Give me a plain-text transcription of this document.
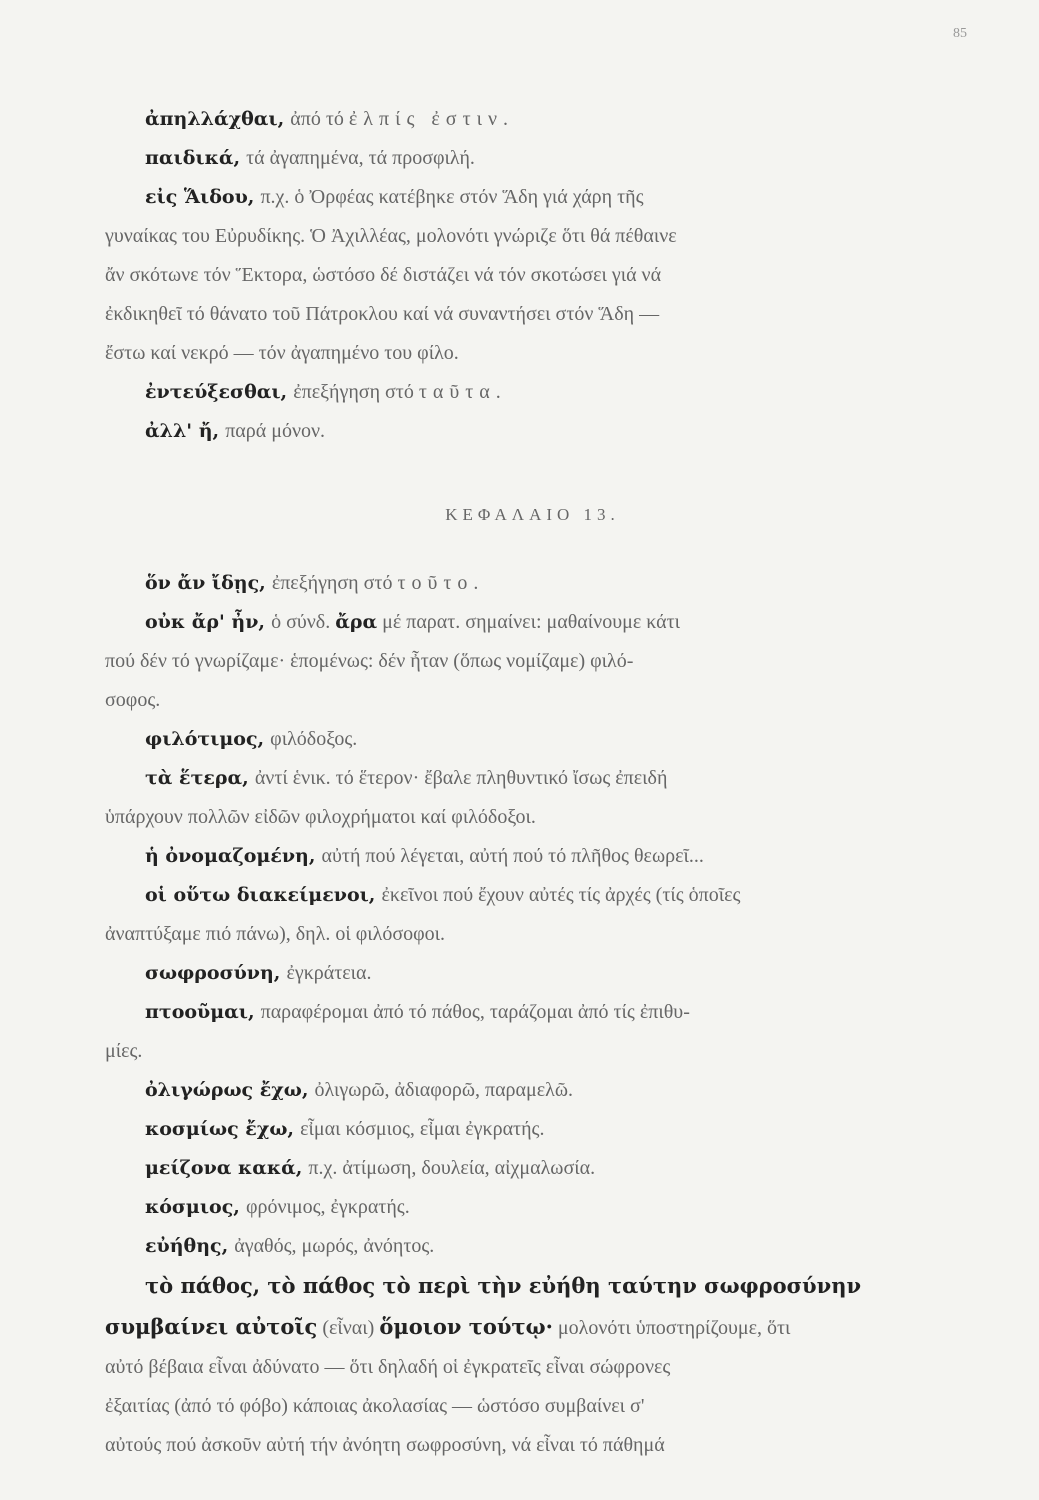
85

ἀπηλλάχθαι, ἀπό τό ἐλπίς ἐστιν.

παιδικά, τά ἀγαπημένα, τά προσφιλή.

εἰς Ἅιδου, π.χ. ὁ Ὀρφέας κατέβηκε στόν Ἅδη γιά χάρη τῆς

γυναίκας του Εὐρυδίκης. Ὁ Ἀχιλλέας, μολονότι γνώριζε ὅτι θά πέθαινε

ἄν σκότωνε τόν Ἕκτορα, ὡστόσο δέ διστάζει νά τόν σκοτώσει γιά νά

ἐκδικηθεῖ τό θάνατο τοῦ Πάτροκλου καί νά συναντήσει στόν Ἅδη —

ἔστω καί νεκρό — τόν ἀγαπημένο του φίλο.

ἐντεύξεσθαι, ἐπεξήγηση στό ταῦτα.

ἀλλ' ἤ, παρά μόνον.

ΚΕΦΑΛΑΙΟ 13.

ὅν ἄν ἴδῃς, ἐπεξήγηση στό τοῦτο.

οὐκ ἄρ' ἦν, ὁ σύνδ. ἄρα μέ παρατ. σημαίνει: μαθαίνουμε κάτι

πού δέν τό γνωρίζαμε· ἑπομένως: δέν ἦταν (ὅπως νομίζαμε) φιλό-

σοφος.

φιλότιμος, φιλόδοξος.

τὰ ἕτερα, ἀντί ἑνικ. τό ἕτερον· ἔβαλε πληθυντικό ἴσως ἐπειδή

ὑπάρχουν πολλῶν εἰδῶν φιλοχρήματοι καί φιλόδοξοι.

ἡ ὀνομαζομένη, αὐτή πού λέγεται, αὐτή πού τό πλῆθος θεωρεῖ...

οἱ οὕτω διακείμενοι, ἐκεῖνοι πού ἔχουν αὐτές τίς ἀρχές (τίς ὁποῖες

ἀναπτύξαμε πιό πάνω), δηλ. οἱ φιλόσοφοι.

σωφροσύνη, ἐγκράτεια.

πτοοῦμαι, παραφέρομαι ἀπό τό πάθος, ταράζομαι ἀπό τίς ἐπιθυ-

μίες.

ὀλιγώρως ἔχω, ὀλιγωρῶ, ἀδιαφορῶ, παραμελῶ.

κοσμίως ἔχω, εἶμαι κόσμιος, εἶμαι ἐγκρατής.

μείζονα κακά, π.χ. ἀτίμωση, δουλεία, αἰχμαλωσία.

κόσμιος, φρόνιμος, ἐγκρατής.

εὐήθης, ἀγαθός, μωρός, ἀνόητος.

τὸ πάθος, τὸ πάθος τὸ περὶ τὴν εὐήθη ταύτην σωφροσύνην

συμβαίνει αὐτοῖς (εἶναι) ὅμοιον τούτῳ· μολονότι ὑποστηρίζουμε, ὅτι

αὐτό βέβαια εἶναι ἀδύνατο — ὅτι δηλαδή οἱ ἐγκρατεῖς εἶναι σώφρονες

ἐξαιτίας (ἀπό τό φόβο) κάποιας ἀκολασίας — ὡστόσο συμβαίνει σ'

αὐτούς πού ἀσκοῦν αὐτή τήν ἀνόητη σωφροσύνη, νά εἶναι τό πάθημά
